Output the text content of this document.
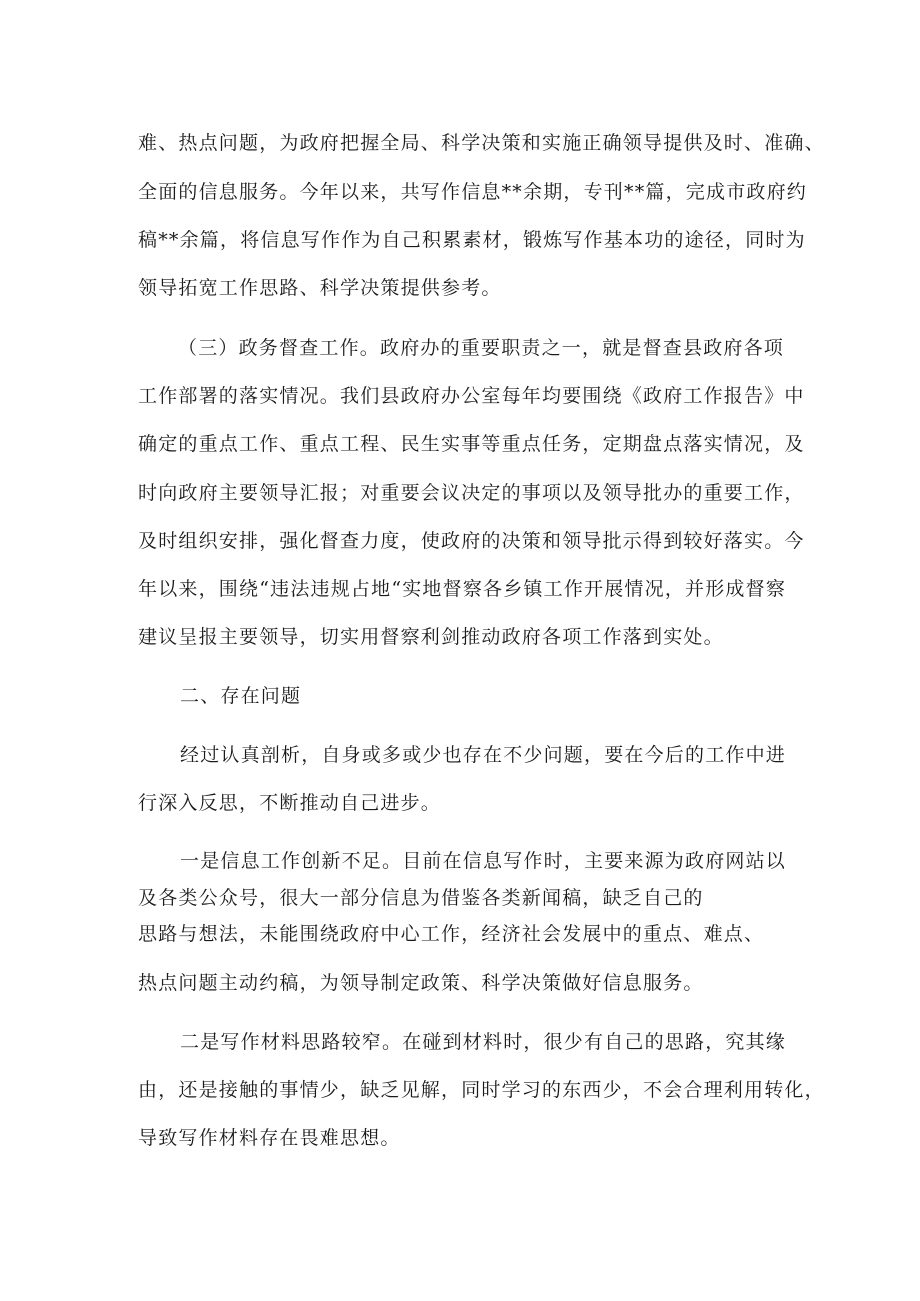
难、热点问题，为政府把握全局、科学决策和实施正确领导提供及时、准确、
全面的信息服务。今年以来，共写作信息**余期，专刊**篇，完成市政府约
稿**余篇，将信息写作作为自己积累素材，锻炼写作基本功的途径，同时为
领导拓宽工作思路、科学决策提供参考。
（三）政务督查工作。政府办的重要职责之一，就是督查县政府各项
工作部署的落实情况。我们县政府办公室每年均要围绕《政府工作报告》中
确定的重点工作、重点工程、民生实事等重点任务，定期盘点落实情况，及
时向政府主要领导汇报；对重要会议决定的事项以及领导批办的重要工作，
及时组织安排，强化督查力度，使政府的决策和领导批示得到较好落实。今
年以来，围绕“违法违规占地“实地督察各乡镇工作开展情况，并形成督察
建议呈报主要领导，切实用督察利剑推动政府各项工作落到实处。
二、存在问题
经过认真剖析，自身或多或少也存在不少问题，要在今后的工作中进
行深入反思，不断推动自己进步。
一是信息工作创新不足。目前在信息写作时，主要来源为政府网站以
及各类公众号，很大一部分信息为借鉴各类新闻稿，缺乏自己的
思路与想法，未能围绕政府中心工作，经济社会发展中的重点、难点、
热点问题主动约稿，为领导制定政策、科学决策做好信息服务。
二是写作材料思路较窄。在碰到材料时，很少有自己的思路，究其缘
由，还是接触的事情少，缺乏见解，同时学习的东西少，不会合理利用转化，
导致写作材料存在畏难思想。
